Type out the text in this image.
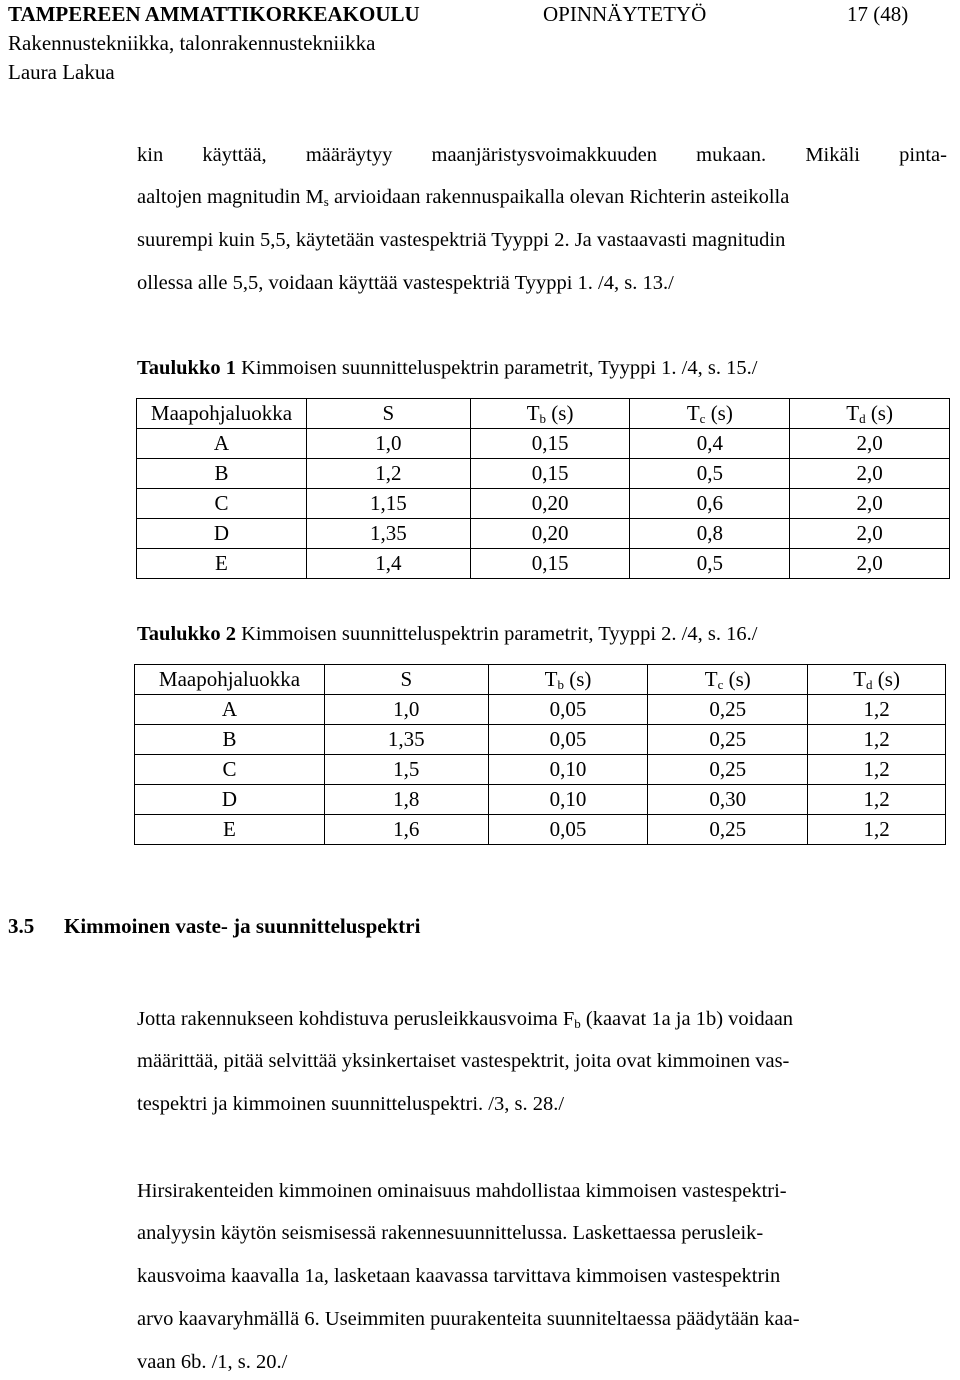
TAMPEREEN AMMATTIKORKEAKOULU	OPINNÄYTETYÖ	17 (48)
Rakennustekniikka, talonrakennustekniikka
Laura Lakua
kin käyttää, määräytyy maanjäristysvoimakkuuden mukaan. Mikäli pinta-
aaltojen magnitudin $M_s$ arvioidaan rakennuspaikalla olevan Richterin asteikolla
suurempi kuin 5,5, käytetään vastespektriä Tyyppi 2. Ja vastaavasti magnitudin
ollessa alle 5,5, voidaan käyttää vastespektriä Tyyppi 1. /4, s. 13./
Taulukko 1 Kimmoisen suunnitteluspektrin parametrit, Tyyppi 1. /4, s. 15./
Maapohjaluokka	S	$T_b$ (s)	$T_c$ (s)	$T_d$ (s)
A	1,0	0,15	0,4	2,0
B	1,2	0,15	0,5	2,0
C	1,15	0,20	0,6	2,0
D	1,35	0,20	0,8	2,0
E	1,4	0,15	0,5	2,0
Taulukko 2 Kimmoisen suunnitteluspektrin parametrit, Tyyppi 2. /4, s. 16./
Maapohjaluokka	S	$T_b$ (s)	$T_c$ (s)	$T_d$ (s)
A	1,0	0,05	0,25	1,2
B	1,35	0,05	0,25	1,2
C	1,5	0,10	0,25	1,2
D	1,8	0,10	0,30	1,2
E	1,6	0,05	0,25	1,2
3.5 Kimmoinen vaste- ja suunnitteluspektri
Jotta rakennukseen kohdistuva perusleikkausvoima $F_b$ (kaavat 1a ja 1b) voidaan
määrittää, pitää selvittää yksinkertaiset vastespektrit, joita ovat kimmoinen vas-
tespektri ja kimmoinen suunnitteluspektri. /3, s. 28./
Hirsirakenteiden kimmoinen ominaisuus mahdollistaa kimmoisen vastespektri-
analyysin käytön seismisessä rakennesuunnittelussa. Laskettaessa perusleik-
kausvoima kaavalla 1a, lasketaan kaavassa tarvittava kimmoisen vastespektrin
arvo kaavaryhmällä 6. Useimmiten puurakenteita suunniteltaessa päädytään kaa-
vaan 6b. /1, s. 20./
